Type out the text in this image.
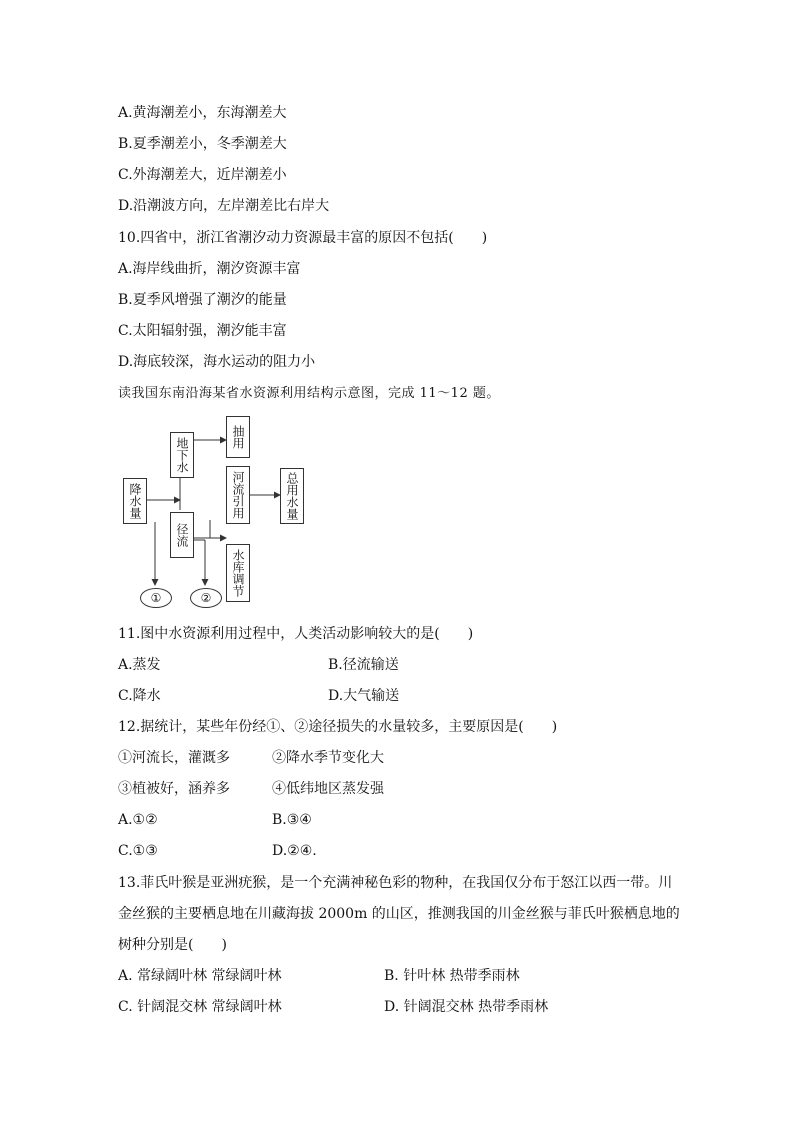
A.黄海潮差小，东海潮差大
B.夏季潮差小，冬季潮差大
C.外海潮差大，近岸潮差小
D.沿潮波方向，左岸潮差比右岸大
10.四省中，浙江省潮汐动力资源最丰富的原因不包括(　　)
A.海岸线曲折，潮汐资源丰富
B.夏季风增强了潮汐的能量
C.太阳辐射强，潮汐能丰富
D.海底较深，海水运动的阻力小
读我国东南沿海某省水资源利用结构示意图，完成 11～12 题。
降水量
地下水	抽用
河流引用	总用水量
径流
水库调节
①	②
11.图中水资源利用过程中，人类活动影响较大的是(　　)
A.蒸发	B.径流输送
C.降水	D.大气输送
12.据统计，某些年份经①、②途径损失的水量较多，主要原因是(　　)
①河流长，灌溉多	②降水季节变化大
③植被好，涵养多	④低纬地区蒸发强
A.①②	B.③④
C.①③	D.②④.
13.菲氏叶猴是亚洲疣猴，是一个充满神秘色彩的物种，在我国仅分布于怒江以西一带。川
金丝猴的主要栖息地在川藏海拔 2000m 的山区，推测我国的川金丝猴与菲氏叶猴栖息地的
树种分别是(　　)
A. 常绿阔叶林 常绿阔叶林	B. 针叶林 热带季雨林
C. 针阔混交林 常绿阔叶林	D. 针阔混交林 热带季雨林
